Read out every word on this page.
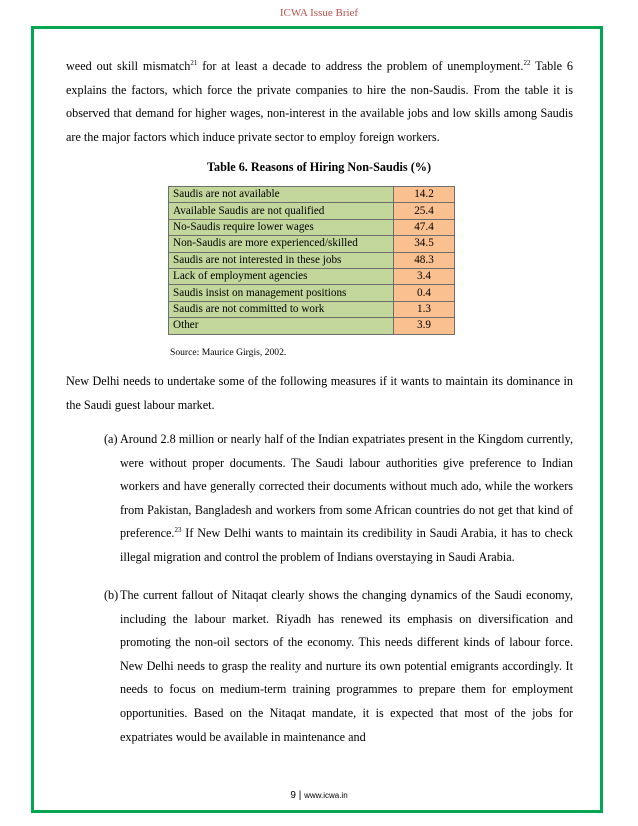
ICWA Issue Brief
weed out skill mismatch$^{21}$ for at least a decade to address the problem of unemployment.$^{22}$ Table 6 explains the factors, which force the private companies to hire the non-Saudis. From the table it is observed that demand for higher wages, non-interest in the available jobs and low skills among Saudis are the major factors which induce private sector to employ foreign workers.
Table 6. Reasons of Hiring Non-Saudis (%)
Saudis are not available	14.2
Available Saudis are not qualified	25.4
No-Saudis require lower wages	47.4
Non-Saudis are more experienced/skilled	34.5
Saudis are not interested in these jobs	48.3
Lack of employment agencies	3.4
Saudis insist on management positions	0.4
Saudis are not committed to work	1.3
Other	3.9
Source: Maurice Girgis, 2002.
New Delhi needs to undertake some of the following measures if it wants to maintain its dominance in the Saudi guest labour market.
(a) Around 2.8 million or nearly half of the Indian expatriates present in the Kingdom currently, were without proper documents. The Saudi labour authorities give preference to Indian workers and have generally corrected their documents without much ado, while the workers from Pakistan, Bangladesh and workers from some African countries do not get that kind of preference.$^{23}$ If New Delhi wants to maintain its credibility in Saudi Arabia, it has to check illegal migration and control the problem of Indians overstaying in Saudi Arabia.
(b) The current fallout of Nitaqat clearly shows the changing dynamics of the Saudi economy, including the labour market. Riyadh has renewed its emphasis on diversification and promoting the non-oil sectors of the economy. This needs different kinds of labour force. New Delhi needs to grasp the reality and nurture its own potential emigrants accordingly. It needs to focus on medium-term training programmes to prepare them for employment opportunities. Based on the Nitaqat mandate, it is expected that most of the jobs for expatriates would be available in maintenance and
9 | www.icwa.in
